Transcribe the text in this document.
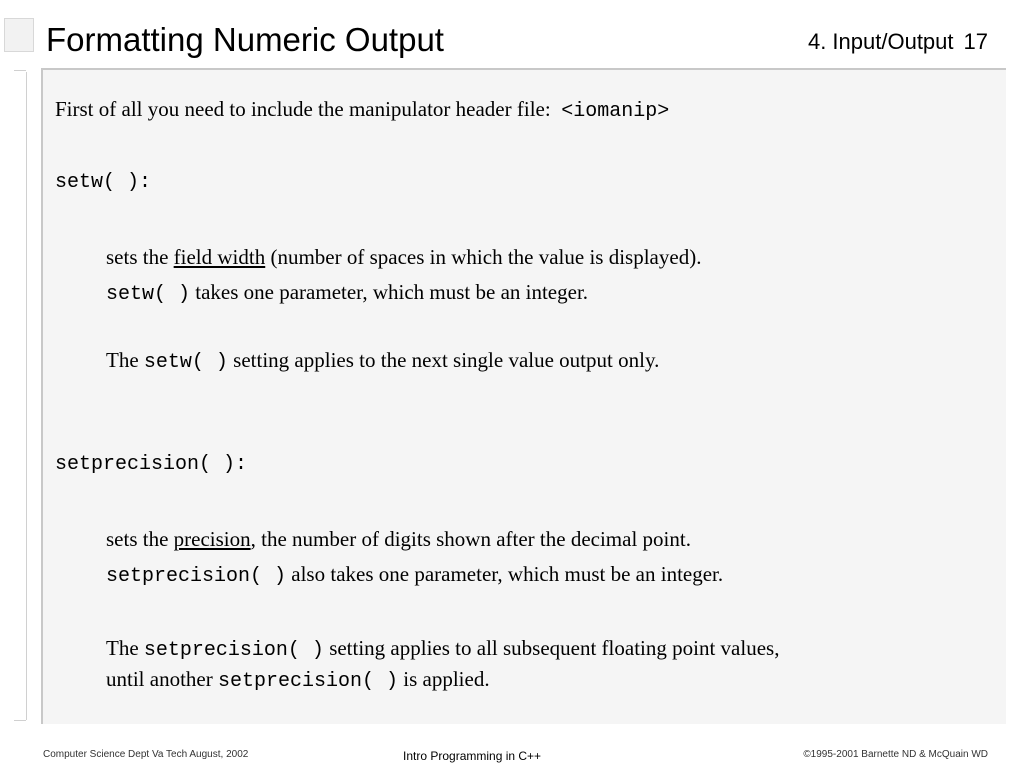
Formatting Numeric Output	4. Input/Output 17
First of all you need to include the manipulator header file: <iomanip>
setw( ):
sets the field width (number of spaces in which the value is displayed).
setw( ) takes one parameter, which must be an integer.
The setw( ) setting applies to the next single value output only.
setprecision( ):
sets the precision, the number of digits shown after the decimal point.
setprecision( ) also takes one parameter, which must be an integer.
The setprecision( ) setting applies to all subsequent floating point values,
until another setprecision( ) is applied.
Computer Science Dept Va Tech August, 2002	Intro Programming in C++	©1995-2001 Barnette ND & McQuain WD
